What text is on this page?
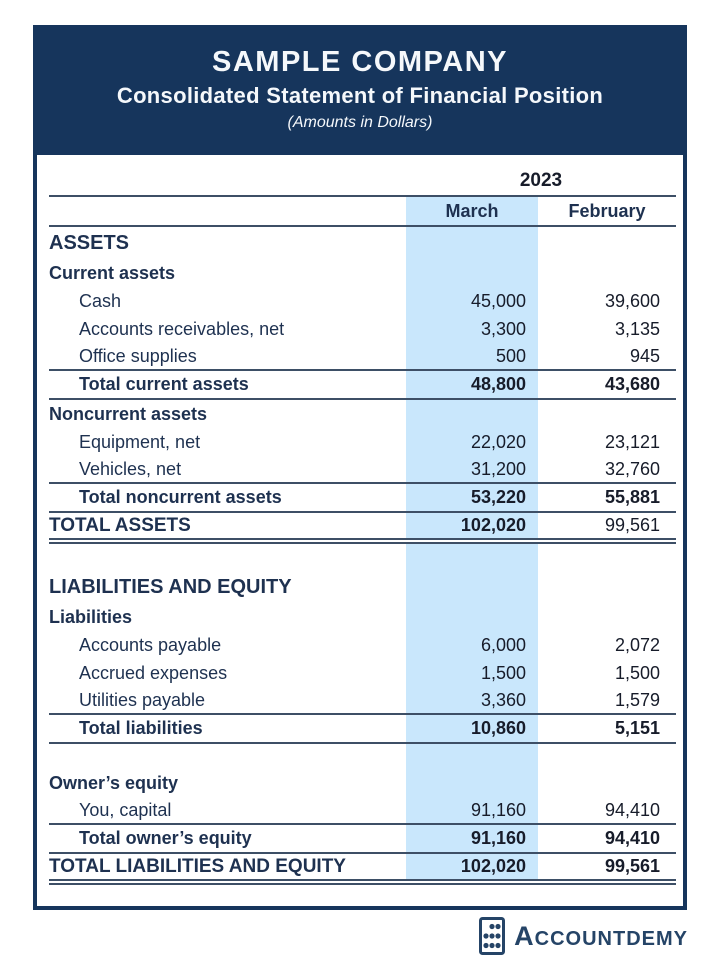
SAMPLE COMPANY
Consolidated Statement of Financial Position
(Amounts in Dollars)
2023
March	February
ASSETS
Current assets
Cash	45,000	39,600
Accounts receivables, net	3,300	3,135
Office supplies	500	945
Total current assets	48,800	43,680
Noncurrent assets
Equipment, net	22,020	23,121
Vehicles, net	31,200	32,760
Total noncurrent assets	53,220	55,881
TOTAL ASSETS	102,020	99,561
LIABILITIES AND EQUITY
Liabilities
Accounts payable	6,000	2,072
Accrued expenses	1,500	1,500
Utilities payable	3,360	1,579
Total liabilities	10,860	5,151
Owner’s equity
You, capital	91,160	94,410
Total owner’s equity	91,160	94,410
TOTAL LIABILITIES AND EQUITY	102,020	99,561
ACCOUNTDEMY
